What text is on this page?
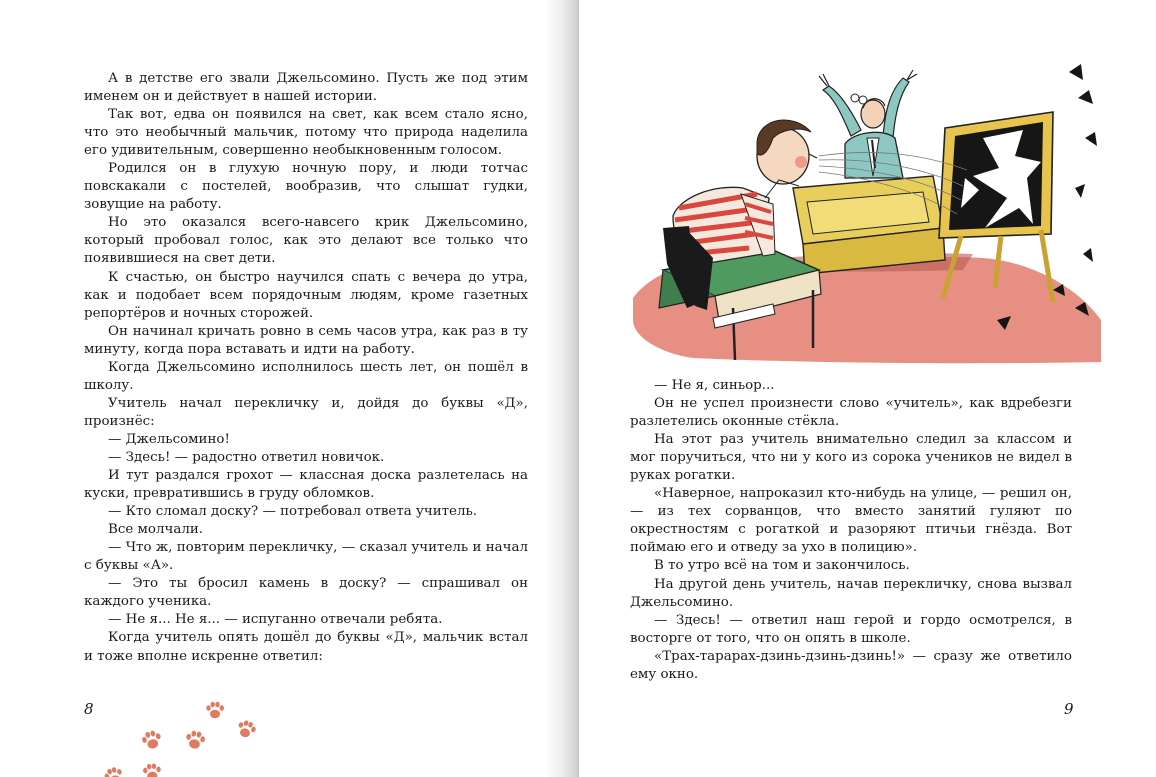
А в детстве его звали Джельсомино. Пусть же под этим именем он и действует в нашей истории.

Так вот, едва он появился на свет, как всем стало ясно, что это необычный мальчик, потому что природа наделила его удивительным, совершенно необыкновенным голосом.

Родился он в глухую ночную пору, и люди тотчас повскакали с постелей, вообразив, что слышат гудки, зовущие на работу.

Но это оказался всего-навсего крик Джельсомино, который пробовал голос, как это делают все только что появившиеся на свет дети.

К счастью, он быстро научился спать с вечера до утра, как и подобает всем порядочным людям, кроме газетных репортёров и ночных сторожей.

Он начинал кричать ровно в семь часов утра, как раз в ту минуту, когда пора вставать и идти на работу.

Когда Джельсомино исполнилось шесть лет, он пошёл в школу.

Учитель начал перекличку и, дойдя до буквы «Д», произнёс:

— Джельсомино!

— Здесь! — радостно ответил новичок.

И тут раздался грохот — классная доска разлетелась на куски, превратившись в груду обломков.

— Кто сломал доску? — потребовал ответа учитель.

Все молчали.

— Что ж, повторим перекличку, — сказал учитель и начал с буквы «А».

— Это ты бросил камень в доску? — спрашивал он каждого ученика.

— Не я... Не я... — испуганно отвечали ребята.

Когда учитель опять дошёл до буквы «Д», мальчик встал и тоже вполне искренне ответил:

8

— Не я, синьор...

Он не успел произнести слово «учитель», как вдребезги разлетелись оконные стёкла.

На этот раз учитель внимательно следил за классом и мог поручиться, что ни у кого из сорока учеников не видел в руках рогатки.

«Наверное, напроказил кто-нибудь на улице, — решил он, — из тех сорванцов, что вместо занятий гуляют по окрестностям с рогаткой и разоряют птичьи гнёзда. Вот поймаю его и отведу за ухо в полицию».

В то утро всё на том и закончилось.

На другой день учитель, начав перекличку, снова вызвал Джельсомино.

— Здесь! — ответил наш герой и гордо осмотрелся, в восторге от того, что он опять в школе.

«Трах-тарарах-дзинь-дзинь-дзинь!» — сразу же ответило ему окно.

9
